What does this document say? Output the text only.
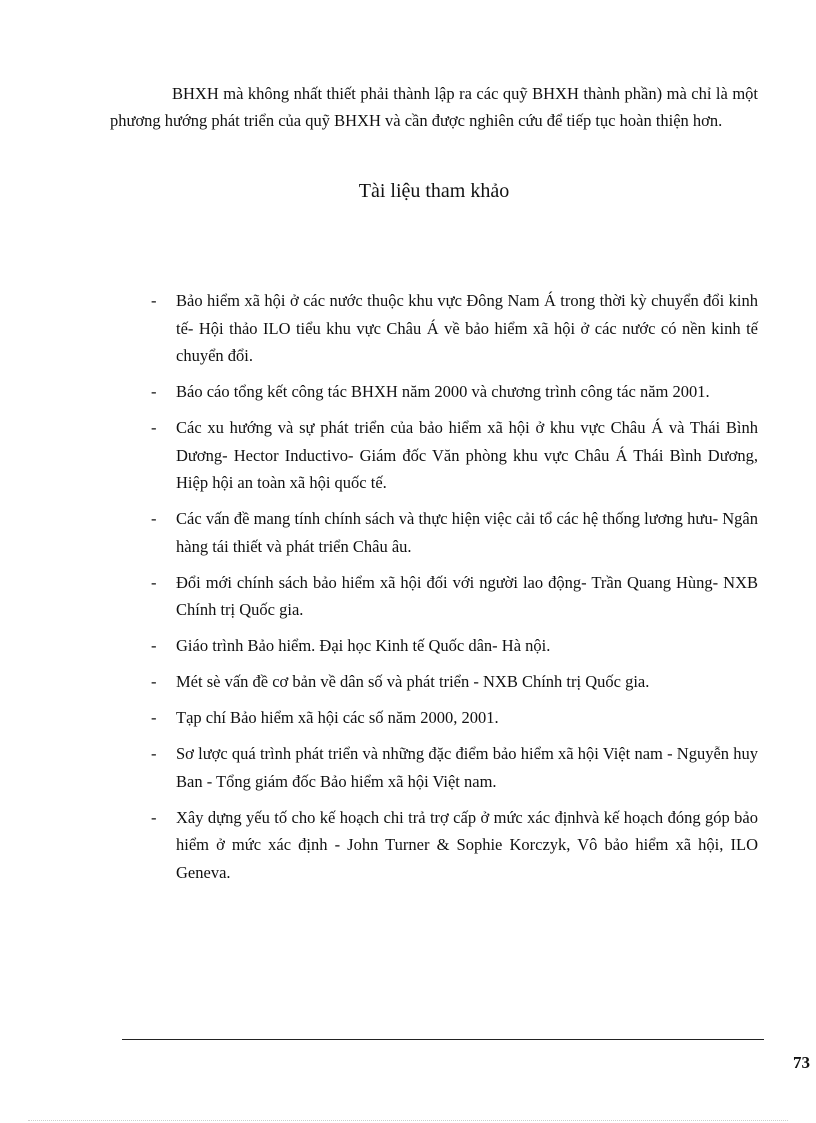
BHXH mà không nhất thiết phải thành lập ra các quỹ BHXH thành phần) mà chỉ là một phương hướng phát triển của quỹ BHXH và cần được nghiên cứu để tiếp tục hoàn thiện hơn.

Tài liệu tham khảo
- Bảo hiểm xã hội ở các nước thuộc khu vực Đông Nam Á trong thời kỳ chuyển đổi kinh tế- Hội thảo ILO tiểu khu vực Châu Á về bảo hiểm xã hội ở các nước có nền kinh tế chuyển đổi.
- Báo cáo tổng kết công tác BHXH năm 2000 và chương trình công tác năm 2001.
- Các xu hướng và sự phát triển của bảo hiểm xã hội ở khu vực Châu Á và Thái Bình Dương- Hector Inductivo- Giám đốc Văn phòng khu vực Châu Á Thái Bình Dương, Hiệp hội an toàn xã hội quốc tế.
- Các vấn đề mang tính chính sách và thực hiện việc cải tổ các hệ thống lương hưu- Ngân hàng tái thiết và phát triển Châu âu.
- Đổi mới chính sách bảo hiểm xã hội đối với người lao động- Trần Quang Hùng- NXB Chính trị Quốc gia.
- Giáo trình Bảo hiểm. Đại học Kinh tế Quốc dân- Hà nội.
- Mét sè vấn đề cơ bản về dân số và phát triển - NXB Chính trị Quốc gia.
- Tạp chí Bảo hiểm xã hội các số năm 2000, 2001.
- Sơ lược quá trình phát triển và những đặc điểm bảo hiểm xã hội Việt nam - Nguyễn huy Ban - Tổng giám đốc Bảo hiểm xã hội Việt nam.
- Xây dựng yếu tố cho kế hoạch chi trả trợ cấp ở mức xác địnhvà kế hoạch đóng góp bảo hiểm ở mức xác định - John Turner & Sophie Korczyk, Vô bảo hiểm xã hội, ILO Geneva.
73
